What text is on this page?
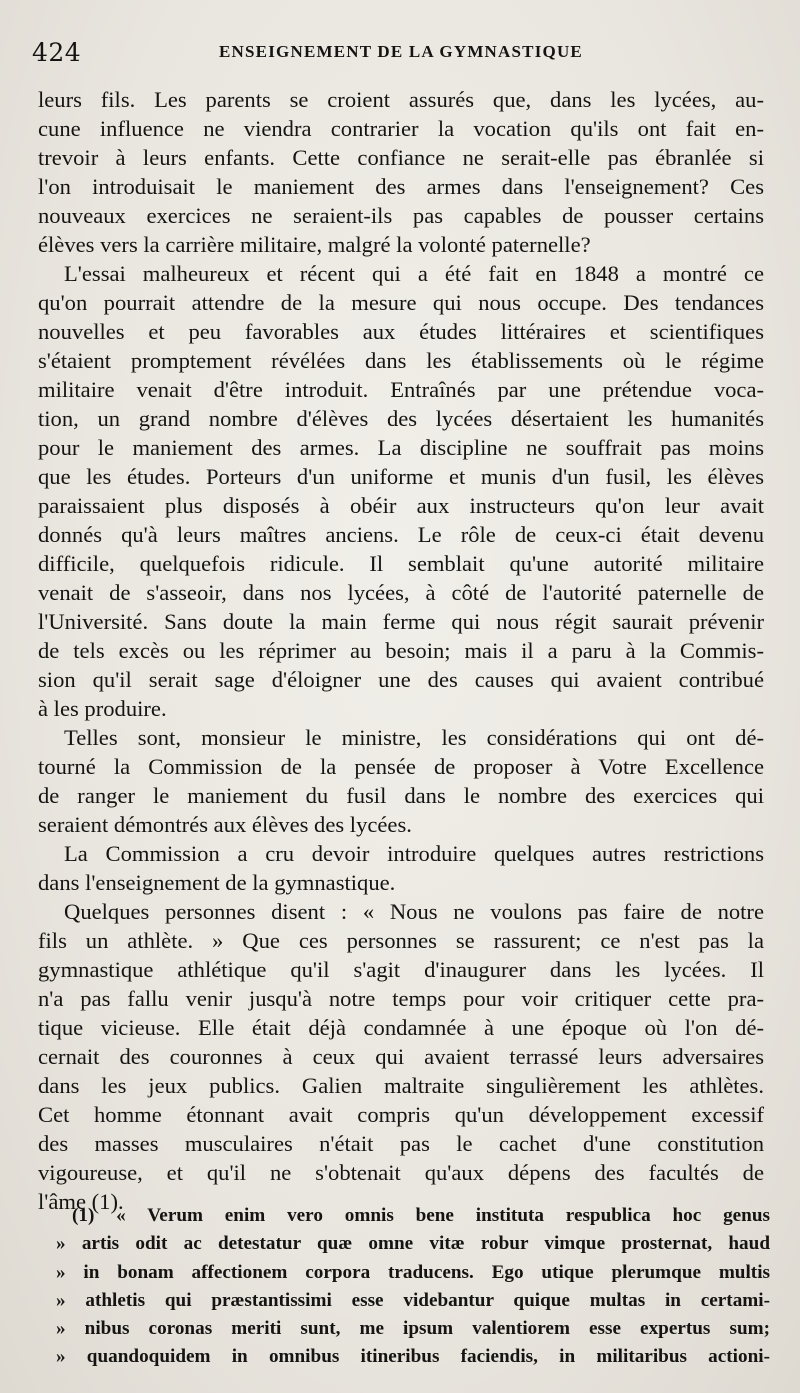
424	ENSEIGNEMENT DE LA GYMNASTIQUE

leurs fils. Les parents se croient assurés que, dans les lycées, au-
cune influence ne viendra contrarier la vocation qu'ils ont fait en-
trevoir à leurs enfants. Cette confiance ne serait-elle pas ébranlée si
l'on introduisait le maniement des armes dans l'enseignement? Ces
nouveaux exercices ne seraient-ils pas capables de pousser certains
élèves vers la carrière militaire, malgré la volonté paternelle?

L'essai malheureux et récent qui a été fait en 1848 a montré ce
qu'on pourrait attendre de la mesure qui nous occupe. Des tendances
nouvelles et peu favorables aux études littéraires et scientifiques
s'étaient promptement révélées dans les établissements où le régime
militaire venait d'être introduit. Entraînés par une prétendue voca-
tion, un grand nombre d'élèves des lycées désertaient les humanités
pour le maniement des armes. La discipline ne souffrait pas moins
que les études. Porteurs d'un uniforme et munis d'un fusil, les élèves
paraissaient plus disposés à obéir aux instructeurs qu'on leur avait
donnés qu'à leurs maîtres anciens. Le rôle de ceux-ci était devenu
difficile, quelquefois ridicule. Il semblait qu'une autorité militaire
venait de s'asseoir, dans nos lycées, à côté de l'autorité paternelle de
l'Université. Sans doute la main ferme qui nous régit saurait prévenir
de tels excès ou les réprimer au besoin; mais il a paru à la Commis-
sion qu'il serait sage d'éloigner une des causes qui avaient contribué
à les produire.

Telles sont, monsieur le ministre, les considérations qui ont dé-
tourné la Commission de la pensée de proposer à Votre Excellence
de ranger le maniement du fusil dans le nombre des exercices qui
seraient démontrés aux élèves des lycées.

La Commission a cru devoir introduire quelques autres restrictions
dans l'enseignement de la gymnastique.

Quelques personnes disent : « Nous ne voulons pas faire de notre
fils un athlète. » Que ces personnes se rassurent; ce n'est pas la
gymnastique athlétique qu'il s'agit d'inaugurer dans les lycées. Il
n'a pas fallu venir jusqu'à notre temps pour voir critiquer cette pra-
tique vicieuse. Elle était déjà condamnée à une époque où l'on dé-
cernait des couronnes à ceux qui avaient terrassé leurs adversaires
dans les jeux publics. Galien maltraite singulièrement les athlètes.
Cet homme étonnant avait compris qu'un développement excessif
des masses musculaires n'était pas le cachet d'une constitution
vigoureuse, et qu'il ne s'obtenait qu'aux dépens des facultés de
l'âme (1).

(1) « Verum enim vero omnis bene instituta respublica hoc genus
» artis odit ac detestatur quæ omne vitæ robur vimque prosternat, haud
» in bonam affectionem corpora traducens. Ego utique plerumque multis
» athletis qui præstantissimi esse videbantur quique multas in certami-
» nibus coronas meriti sunt, me ipsum valentiorem esse expertus sum;
» quandoquidem in omnibus itineribus faciendis, in militaribus actioni-
